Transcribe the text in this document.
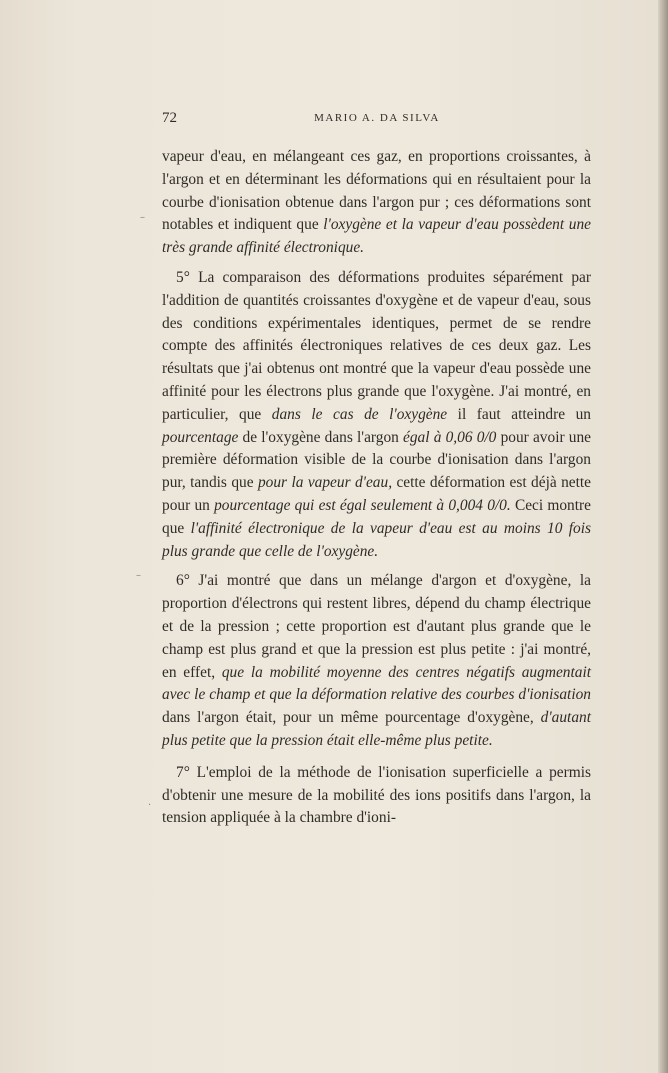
72	MARIO A. DA SILVA

vapeur d'eau, en mélangeant ces gaz, en proportions croissantes, à l'argon et en déterminant les déformations qui en résultaient pour la courbe d'ionisation obtenue dans l'argon pur ; ces déformations sont notables et indiquent que l'oxygène et la vapeur d'eau possèdent une très grande affinité électronique.

5° La comparaison des déformations produites séparément par l'addition de quantités croissantes d'oxygène et de vapeur d'eau, sous des conditions expérimentales identiques, permet de se rendre compte des affinités électroniques relatives de ces deux gaz. Les résultats que j'ai obtenus ont montré que la vapeur d'eau possède une affinité pour les électrons plus grande que l'oxygène. J'ai montré, en particulier, que dans le cas de l'oxygène il faut atteindre un pourcentage de l'oxygène dans l'argon égal à 0,06 0/0 pour avoir une première déformation visible de la courbe d'ionisation dans l'argon pur, tandis que pour la vapeur d'eau, cette déformation est déjà nette pour un pourcentage qui est égal seulement à 0,004 0/0. Ceci montre que l'affinité électronique de la vapeur d'eau est au moins 10 fois plus grande que celle de l'oxygène.

6° J'ai montré que dans un mélange d'argon et d'oxygène, la proportion d'électrons qui restent libres, dépend du champ électrique et de la pression ; cette proportion est d'autant plus grande que le champ est plus grand et que la pression est plus petite : j'ai montré, en effet, que la mobilité moyenne des centres négatifs augmentait avec le champ et que la déformation relative des courbes d'ionisation dans l'argon était, pour un même pourcentage d'oxygène, d'autant plus petite que la pression était elle-même plus petite.

7° L'emploi de la méthode de l'ionisation superficielle a permis d'obtenir une mesure de la mobilité des ions positifs dans l'argon, la tension appliquée à la chambre d'ioni-

–
–
·
